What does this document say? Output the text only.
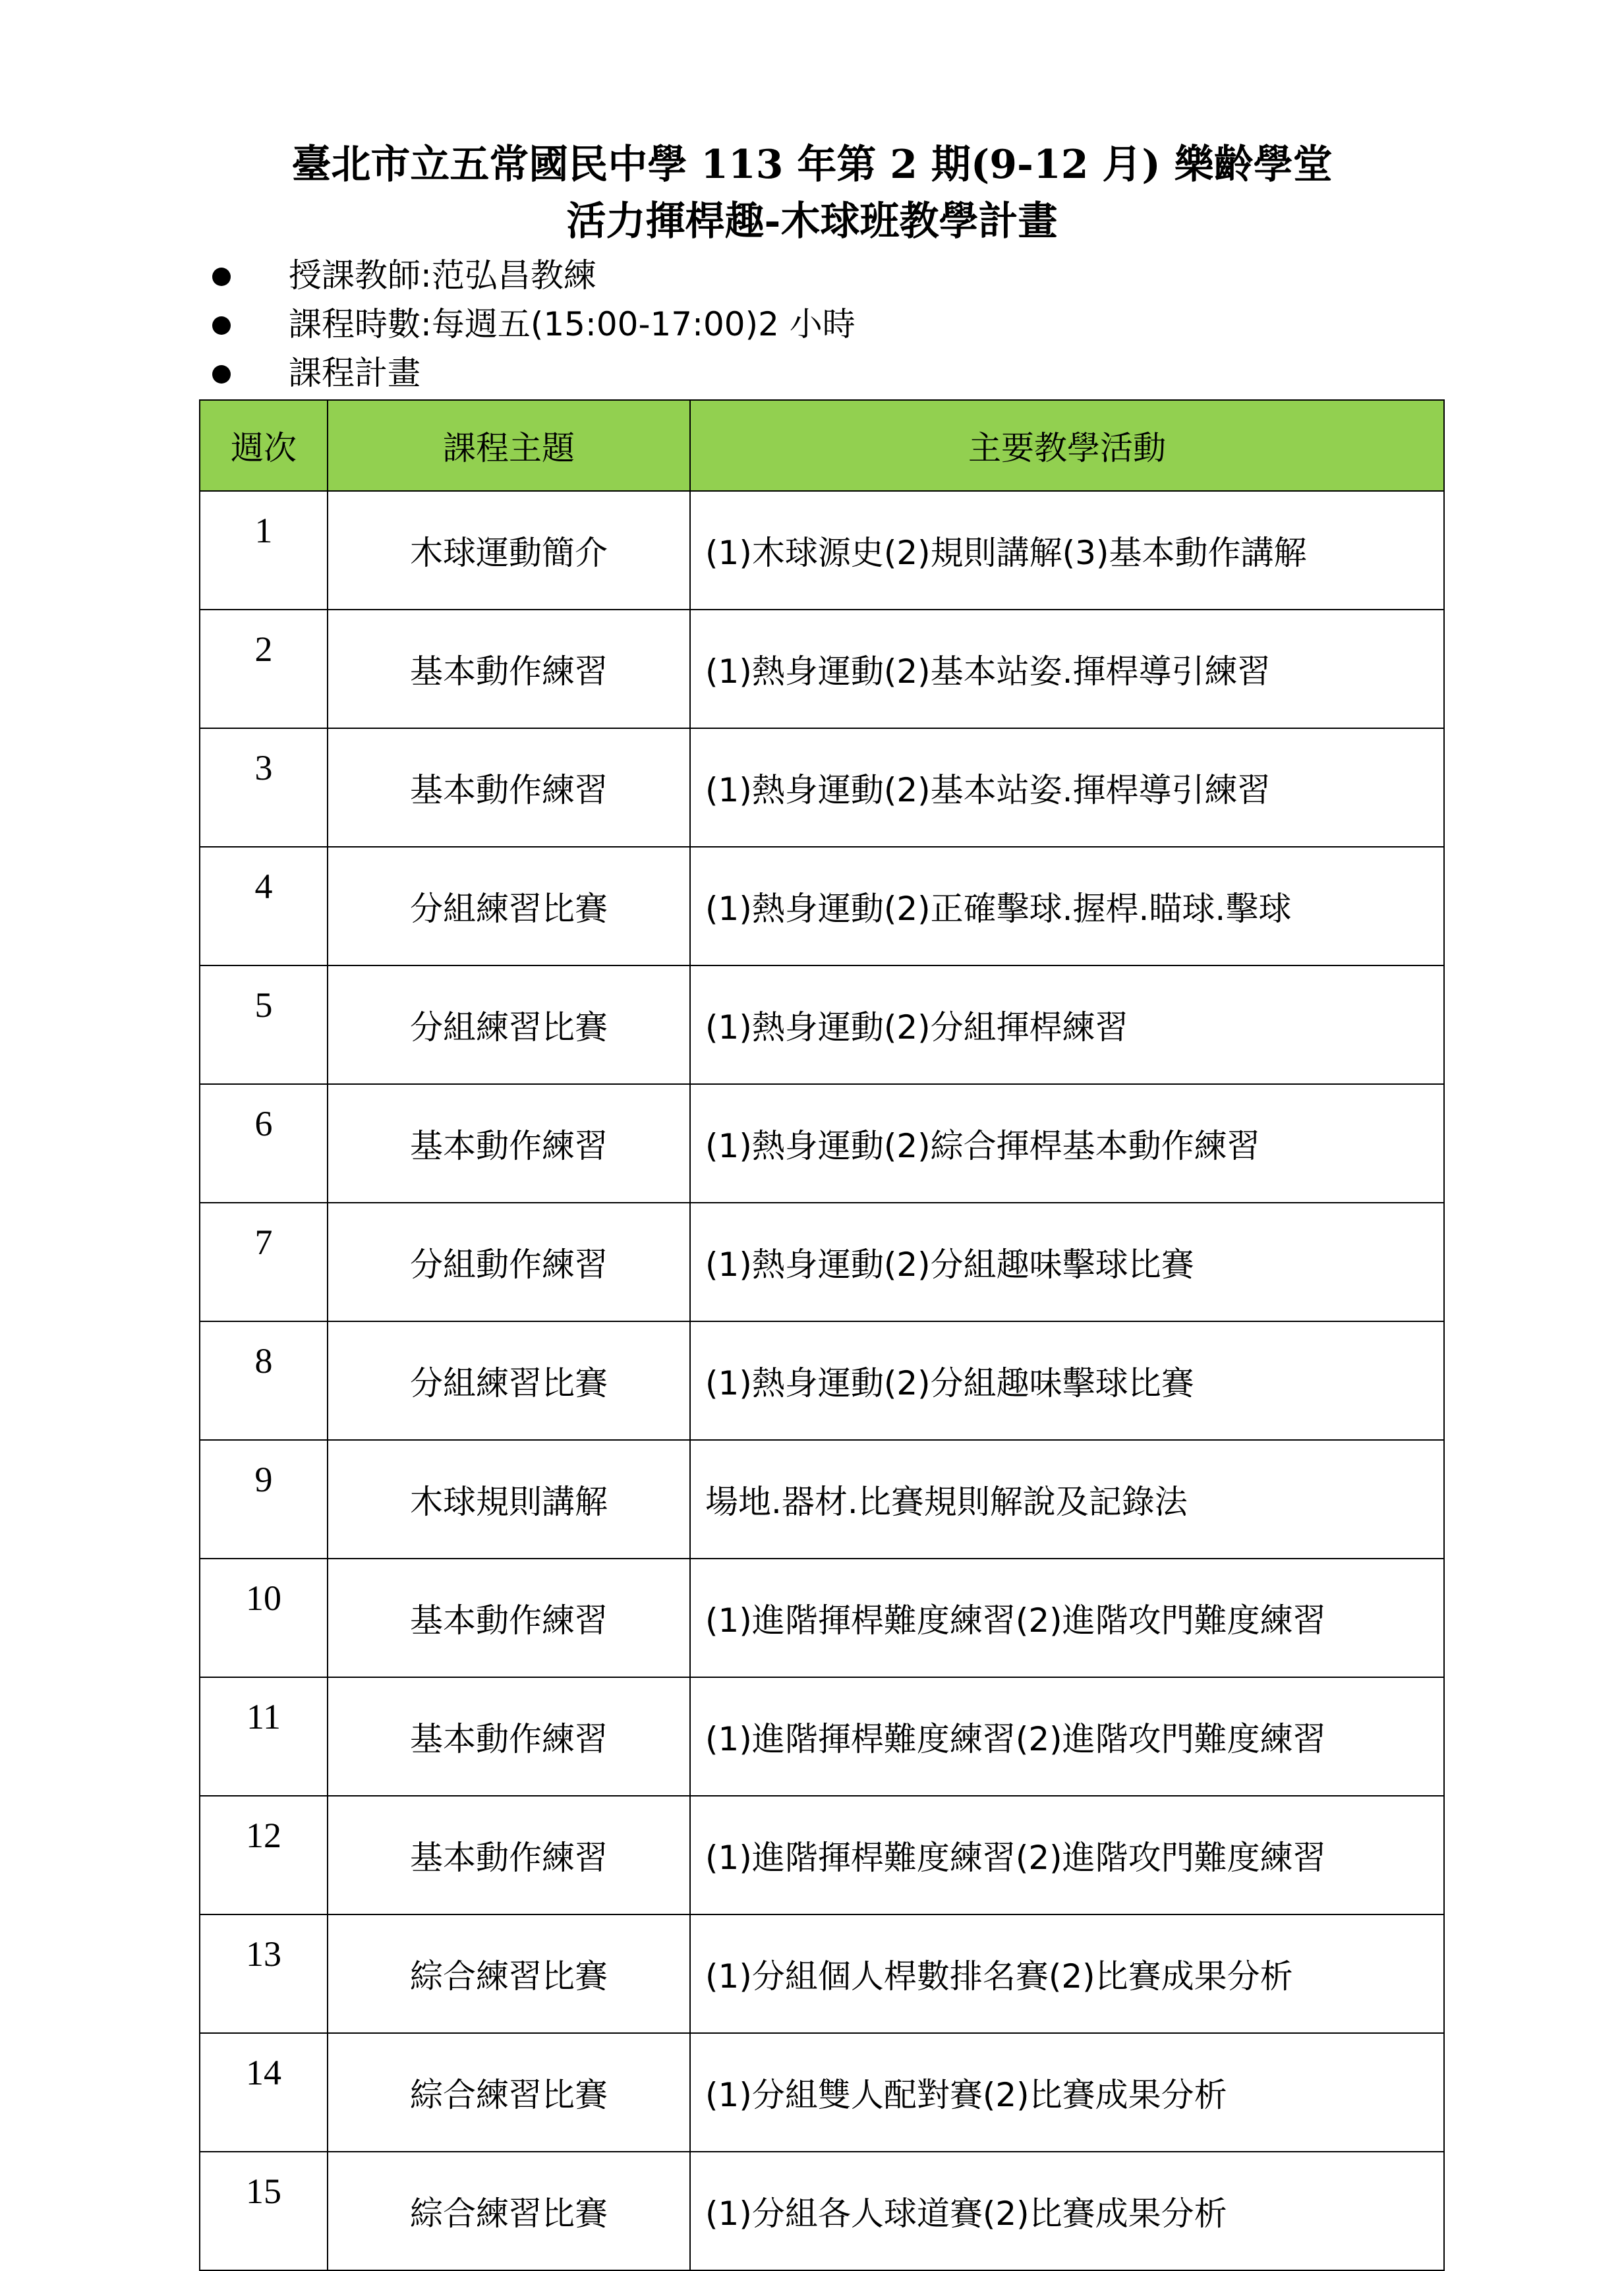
臺北市立五常國民中學 113 年第 2 期(9-12 月) 樂齡學堂
活力揮桿趣-木球班教學計畫
授課教師:范弘昌教練
課程時數:每週五(15:00-17:00)2 小時
課程計畫
週次	課程主題	主要教學活動
1	木球運動簡介	(1)木球源史(2)規則講解(3)基本動作講解
2	基本動作練習	(1)熱身運動(2)基本站姿.揮桿導引練習
3	基本動作練習	(1)熱身運動(2)基本站姿.揮桿導引練習
4	分組練習比賽	(1)熱身運動(2)正確擊球.握桿.瞄球.擊球
5	分組練習比賽	(1)熱身運動(2)分組揮桿練習
6	基本動作練習	(1)熱身運動(2)綜合揮桿基本動作練習
7	分組動作練習	(1)熱身運動(2)分組趣味擊球比賽
8	分組練習比賽	(1)熱身運動(2)分組趣味擊球比賽
9	木球規則講解	場地.器材.比賽規則解說及記錄法
10	基本動作練習	(1)進階揮桿難度練習(2)進階攻門難度練習
11	基本動作練習	(1)進階揮桿難度練習(2)進階攻門難度練習
12	基本動作練習	(1)進階揮桿難度練習(2)進階攻門難度練習
13	綜合練習比賽	(1)分組個人桿數排名賽(2)比賽成果分析
14	綜合練習比賽	(1)分組雙人配對賽(2)比賽成果分析
15	綜合練習比賽	(1)分組各人球道賽(2)比賽成果分析
